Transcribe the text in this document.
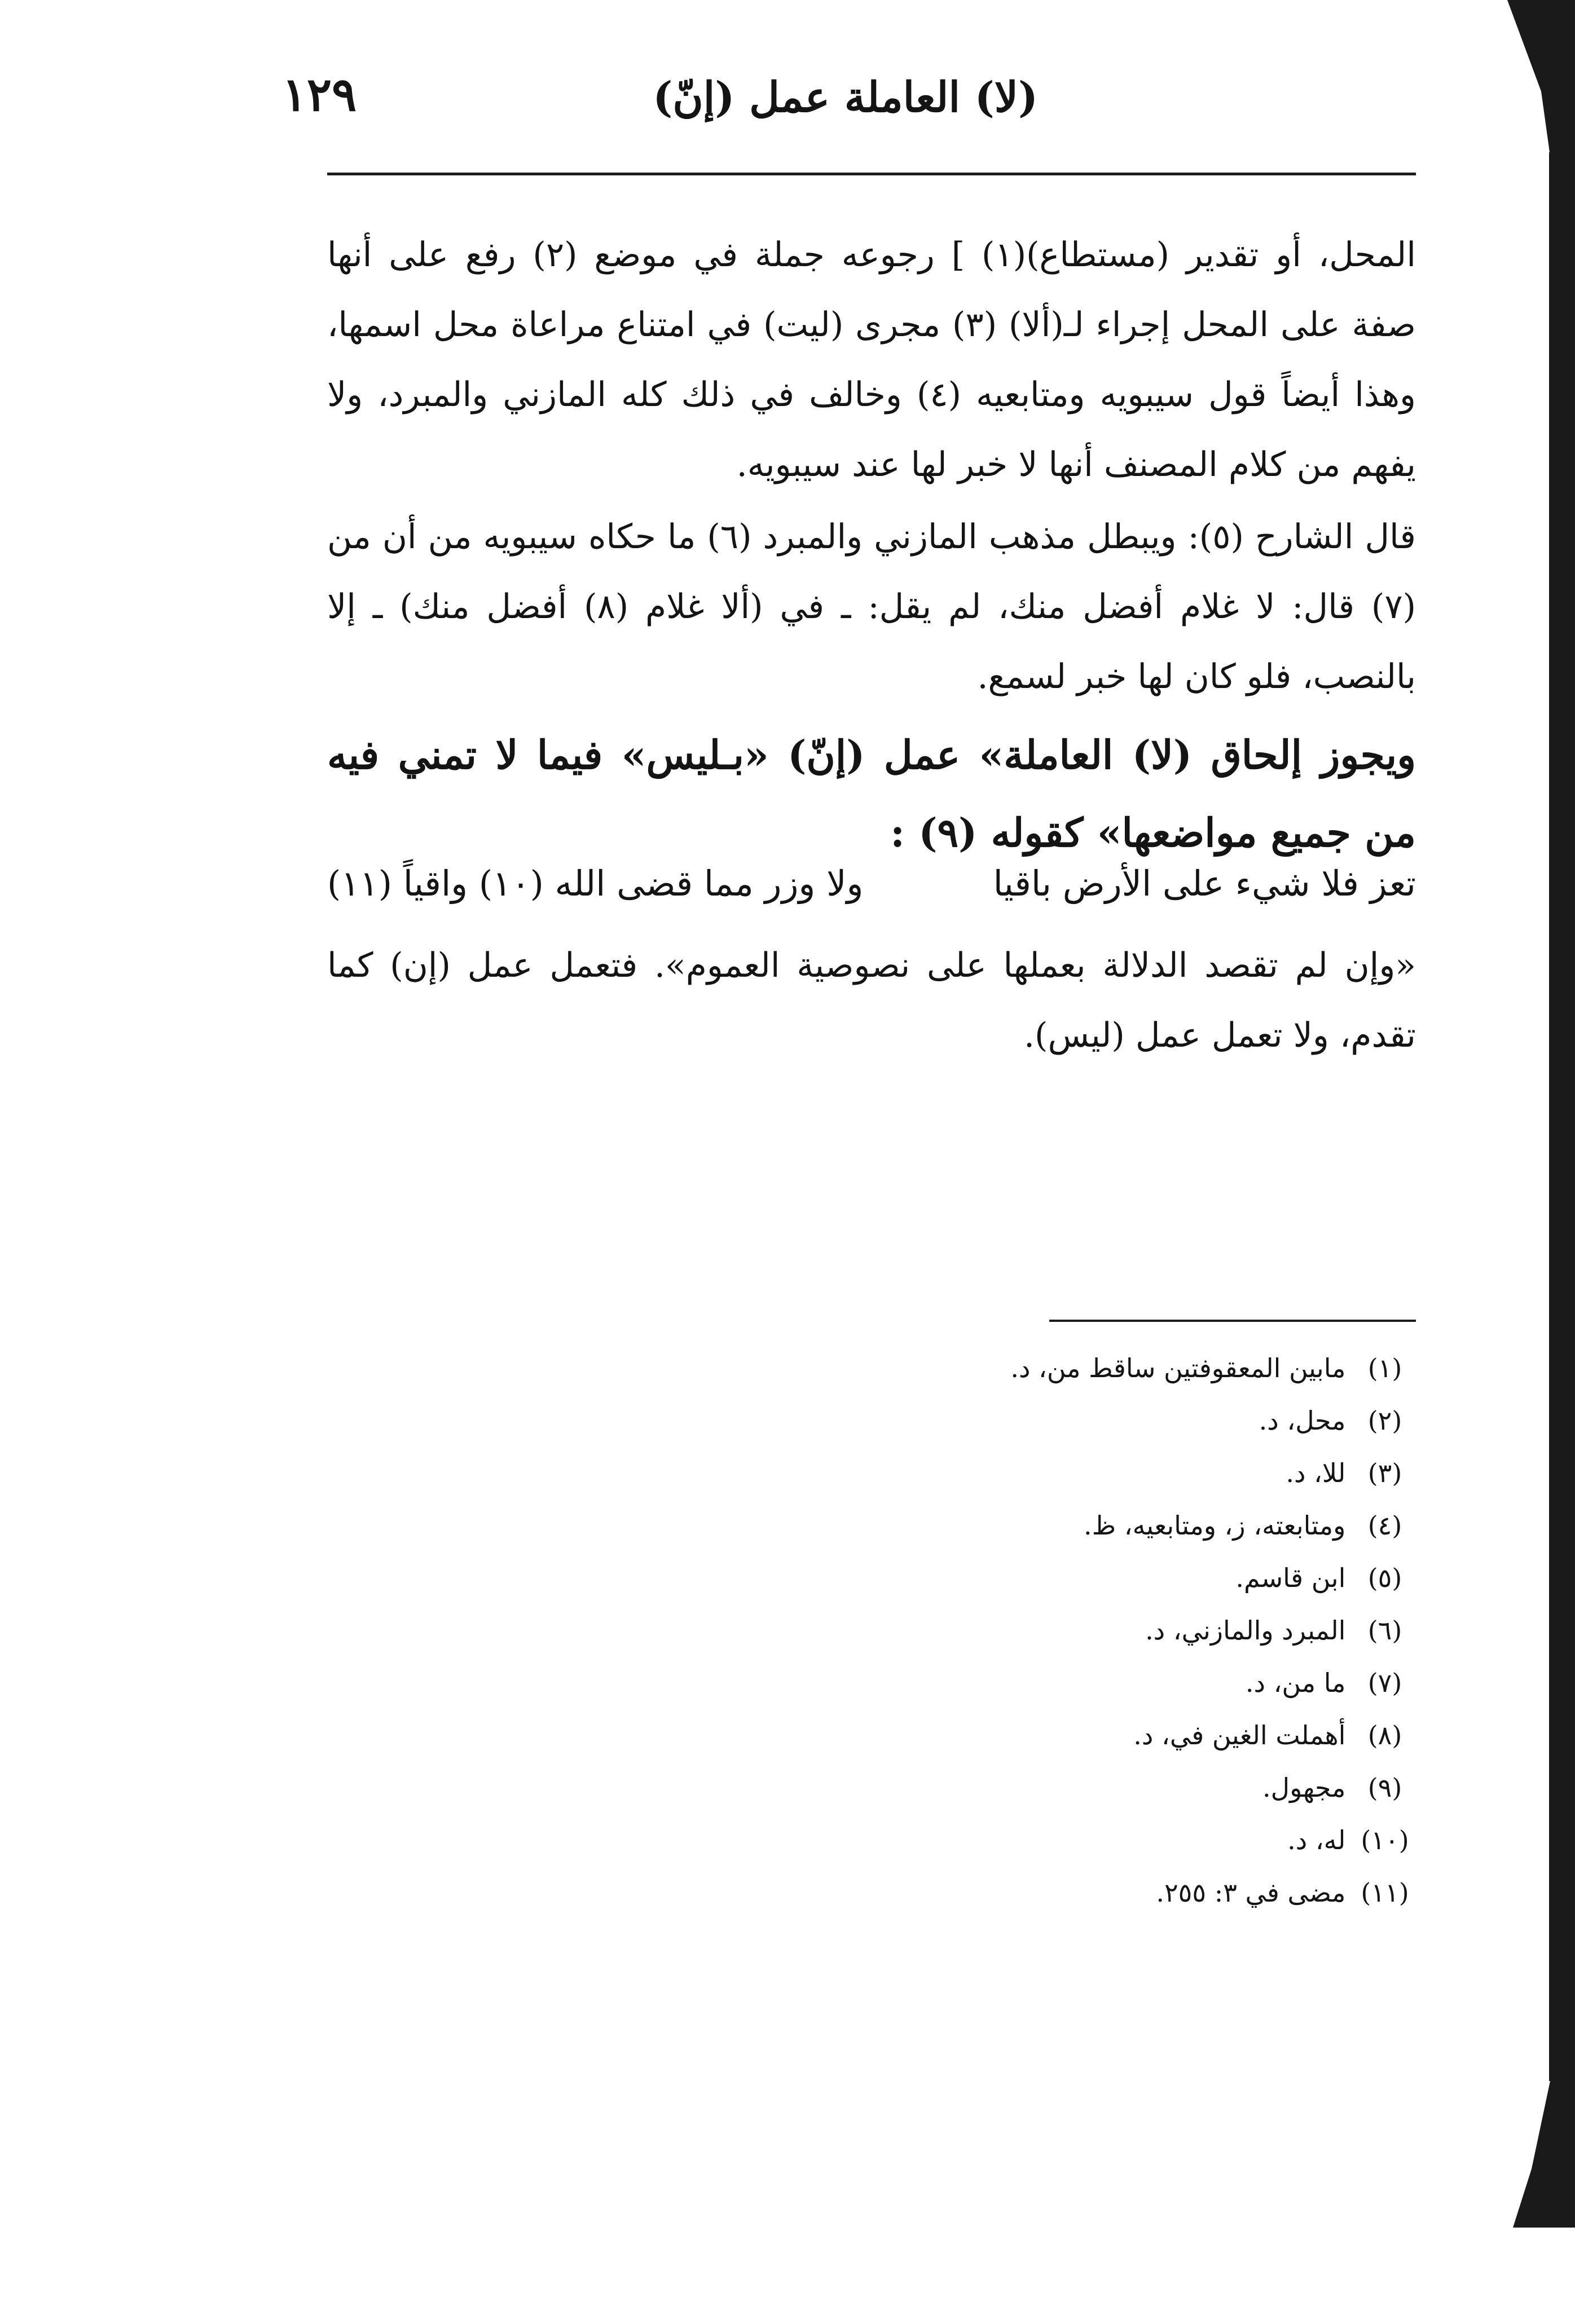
١٢٩	(لا) العاملة عمل (إنّ)

المحل، أو تقدير (مستطاع)(١) ] رجوعه جملة في موضع (٢) رفع على أنها صفة على المحل إجراء لـ(ألا) (٣) مجرى (ليت) في امتناع مراعاة محل اسمها، وهذا أيضاً قول سيبويه ومتابعيه (٤) وخالف في ذلك كله المازني والمبرد، ولا يفهم من كلام المصنف أنها لا خبر لها عند سيبويه.

قال الشارح (٥): ويبطل مذهب المازني والمبرد (٦) ما حكاه سيبويه من أن من (٧) قال: لا غلام أفضل منك، لم يقل: ـ في (ألا غلام (٨) أفضل منك) ـ إلا بالنصب، فلو كان لها خبر لسمع.

ويجوز إلحاق (لا) العاملة» عمل (إنّ) «بـليس» فيما لا تمني فيه من جميع مواضعها» كقوله (٩) :

تعز فلا شيء على الأرض باقيا
ولا وزر مما قضى الله (١٠) واقياً (١١)

«وإن لم تقصد الدلالة بعملها على نصوصية العموم». فتعمل عمل (إن) كما تقدم، ولا تعمل عمل (ليس).

(١) مابين المعقوفتين ساقط من، د.
(٢) محل، د.
(٣) للا، د.
(٤) ومتابعته، ز، ومتابعيه، ظ.
(٥) ابن قاسم.
(٦) المبرد والمازني، د.
(٧) ما من، د.
(٨) أهملت الغين في، د.
(٩) مجهول.
(١٠) له، د.
(١١) مضى في ٣: ٢٥٥.
